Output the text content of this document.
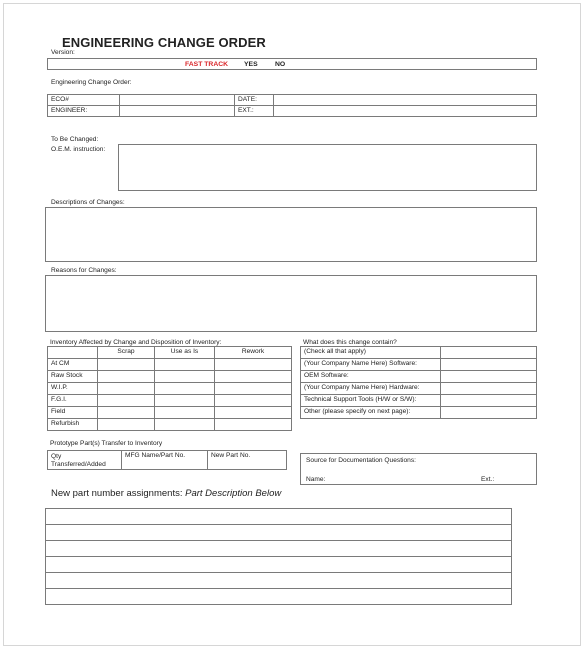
ENGINEERING CHANGE ORDER
Version:
FAST TRACK YES	NO
Engineering Change Order:
ECO#		DATE:	
ENGINEER:		EXT.:	
To Be Changed:
O.E.M. instruction:
Descriptions of Changes:
Reasons for Changes:
Inventory Affected by Change and Disposition of Inventory:
	Scrap	Use as Is	Rework
At CM			
Raw Stock			
W.I.P.			
F.G.I.			
Field			
Refurbish			
What does this change contain?
(Check all that apply)	
(Your Company Name Here) Software:	
OEM Software:	
(Your Company Name Here) Hardware:	
Technical Support Tools (H/W or S/W):	
Other (please specify on next page):	
Prototype Part(s) Transfer to Inventory
Qty
Transferred/Added	MFG Name/Part No.	New Part No.
Source for Documentation Questions:
Name:	Ext.:
New part number assignments: Part Description Below
